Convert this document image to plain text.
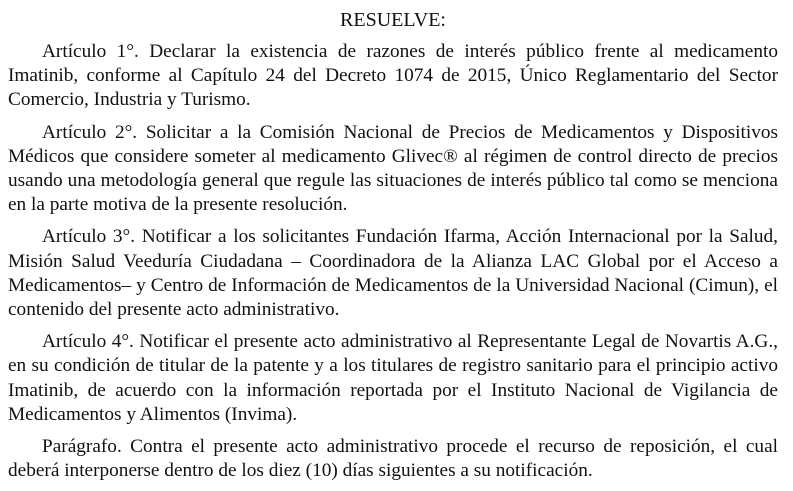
RESUELVE:

Artículo 1°. Declarar la existencia de razones de interés público frente al medicamento Imatinib, conforme al Capítulo 24 del Decreto 1074 de 2015, Único Reglamentario del Sector Comercio, Industria y Turismo.

Artículo 2°. Solicitar a la Comisión Nacional de Precios de Medicamentos y Dispositivos Médicos que considere someter al medicamento Glivec® al régimen de control directo de precios usando una metodología general que regule las situaciones de interés público tal como se menciona en la parte motiva de la presente resolución.

Artículo 3°. Notificar a los solicitantes Fundación Ifarma, Acción Internacional por la Salud, Misión Salud Veeduría Ciudadana – Coordinadora de la Alianza LAC Global por el Acceso a Medicamentos– y Centro de Información de Medicamentos de la Universidad Nacional (Cimun), el contenido del presente acto administrativo.

Artículo 4°. Notificar el presente acto administrativo al Representante Legal de Novartis A.G., en su condición de titular de la patente y a los titulares de registro sanitario para el principio activo Imatinib, de acuerdo con la información reportada por el Instituto Nacional de Vigilancia de Medicamentos y Alimentos (Invima).

Parágrafo. Contra el presente acto administrativo procede el recurso de reposición, el cual deberá interponerse dentro de los diez (10) días siguientes a su notificación.
